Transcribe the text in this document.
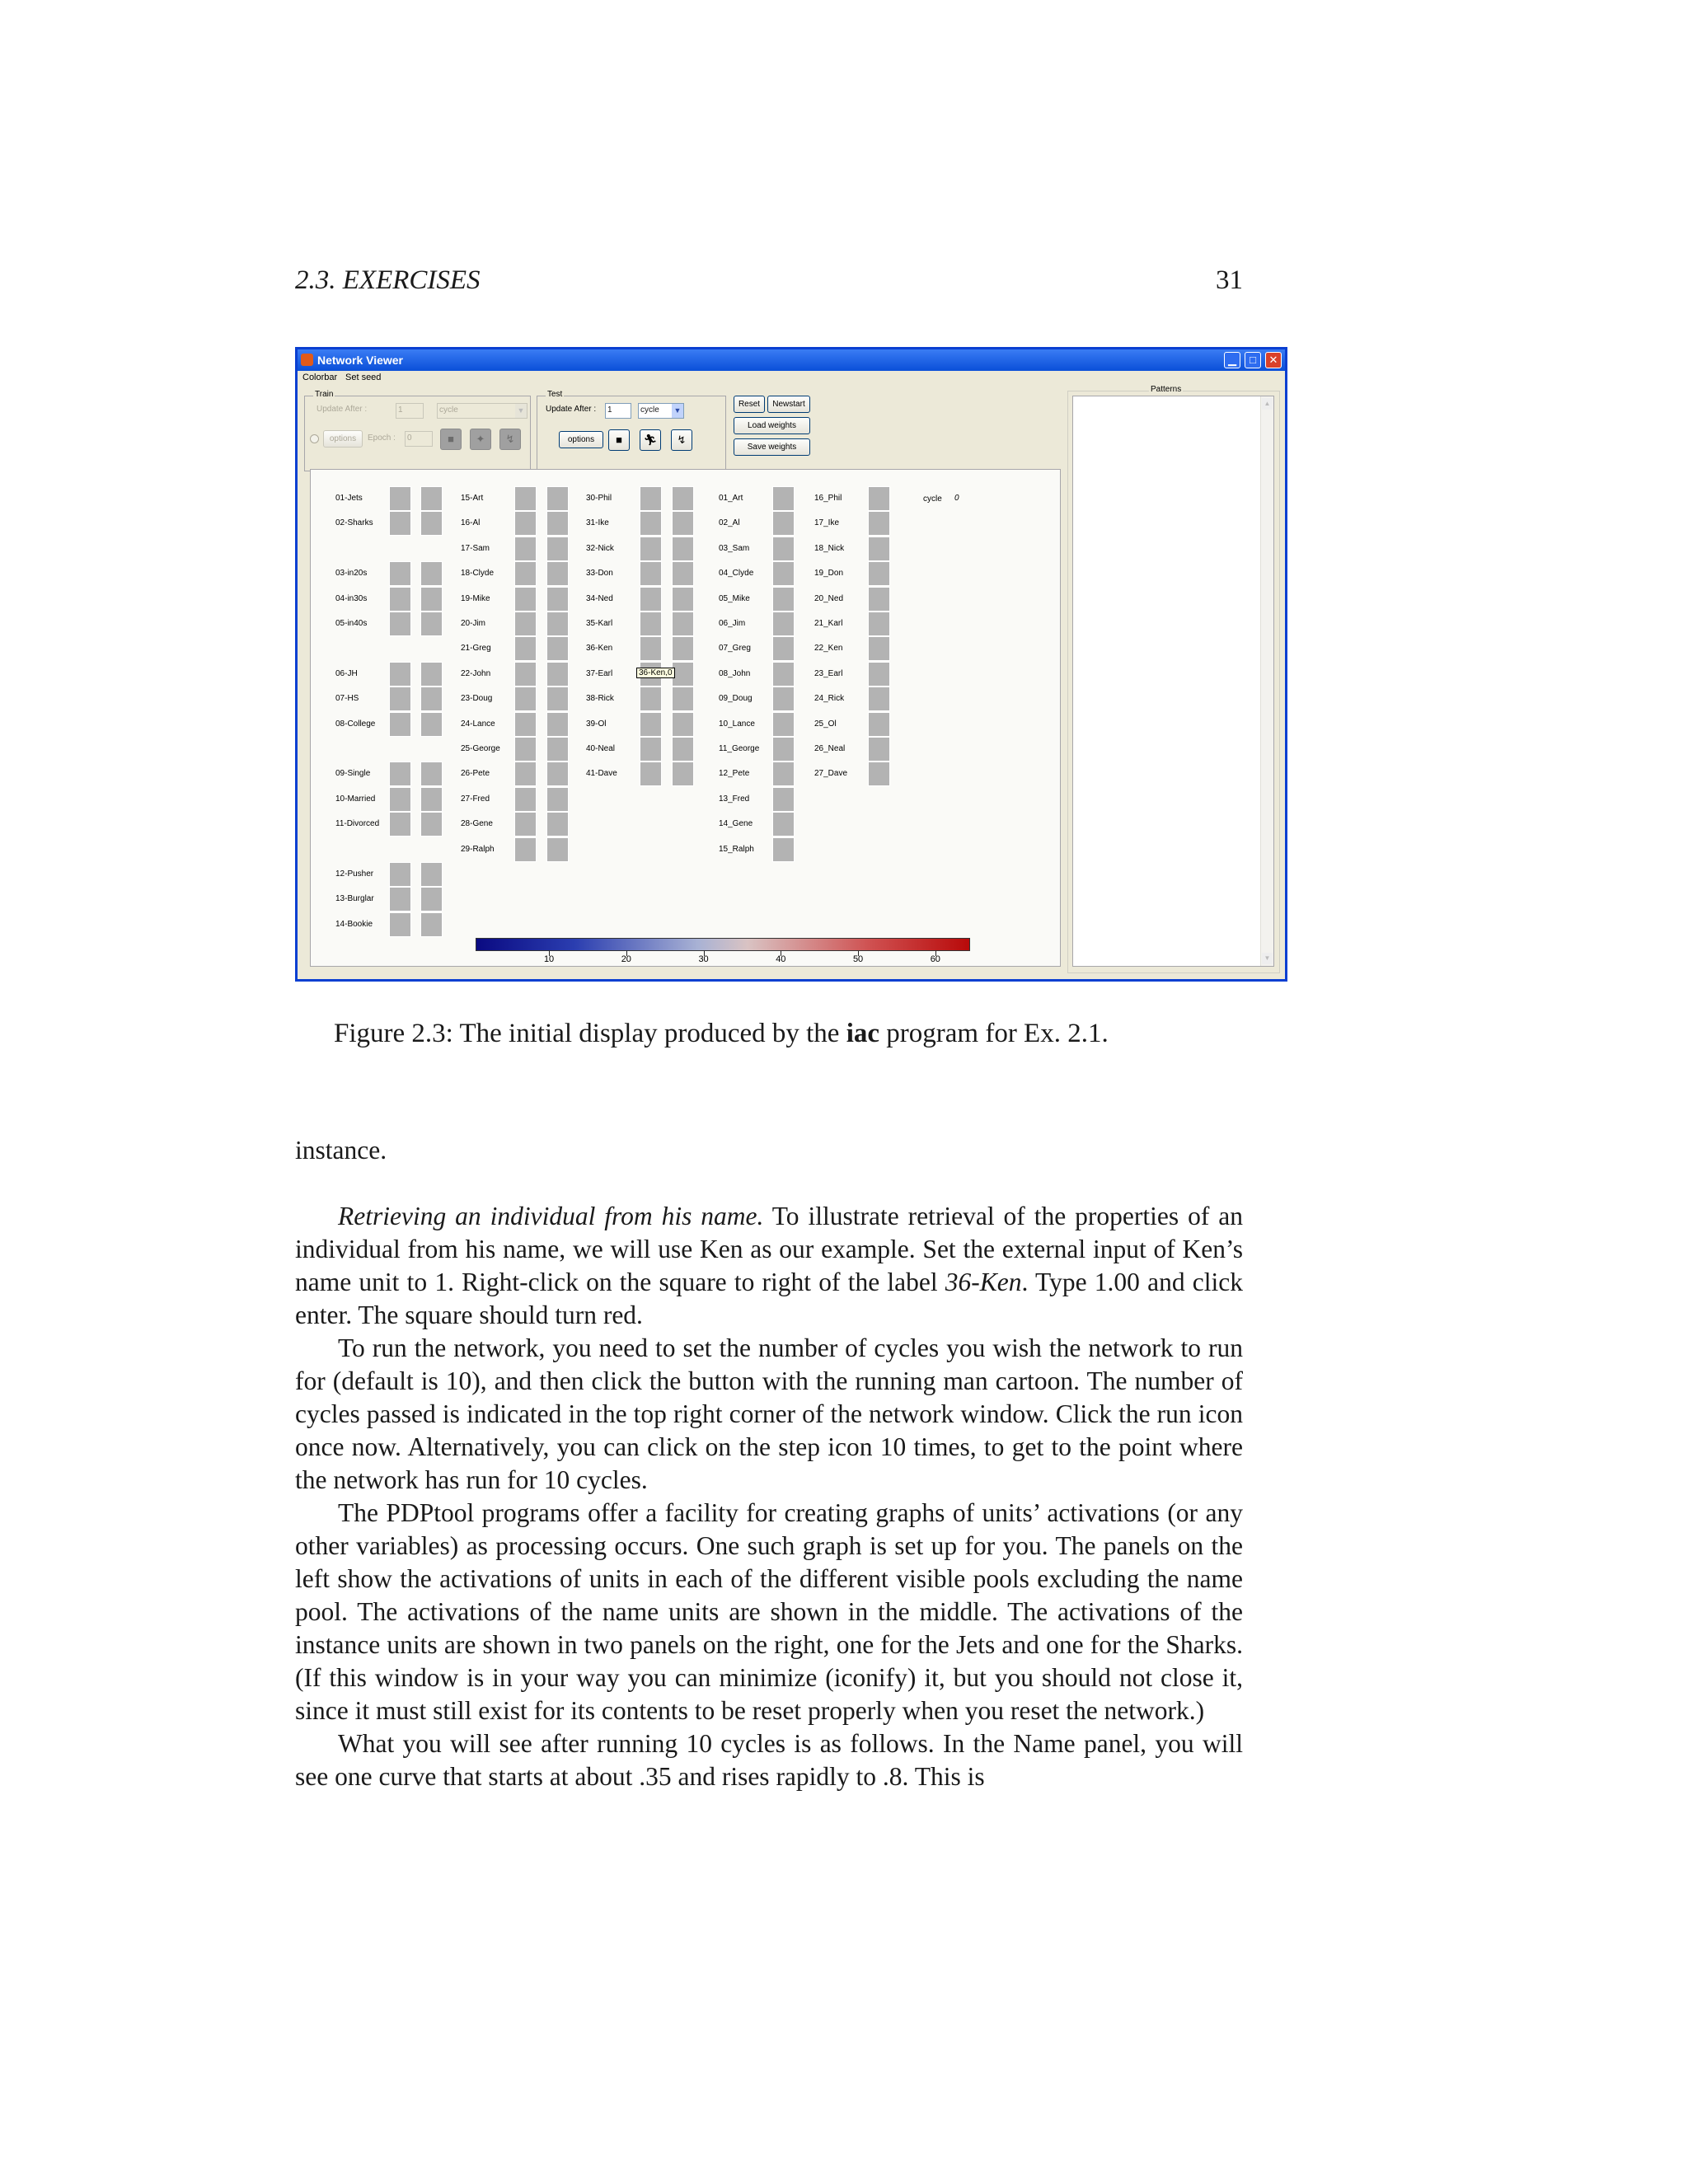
2.3. EXERCISES	31
Network Viewer	▁	□	✕
Colorbar Set seed
Train
Update After :	1	cycle	▼
options	Epoch :	0	■	✦	↯
Test
Update After :	1	cycle ▼
options	■	🏃︎	↯
Reset	Newstart
Load weights
Save weights
Patterns
▲
▼
01-Jets
02-Sharks
03-in20s
04-in30s
05-in40s
06-JH
07-HS
08-College
09-Single
10-Married
11-Divorced
12-Pusher
13-Burglar
14-Bookie
15-Art
16-Al
17-Sam
18-Clyde
19-Mike
20-Jim
21-Greg
22-John
23-Doug
24-Lance
25-George
26-Pete
27-Fred
28-Gene
29-Ralph
30-Phil
31-Ike
32-Nick
33-Don
34-Ned
35-Karl
36-Ken
37-Earl
38-Rick
39-Ol
40-Neal
41-Dave
01_Art
02_Al
03_Sam
04_Clyde
05_Mike
06_Jim
07_Greg
08_John
09_Doug
10_Lance
11_George
12_Pete
13_Fred
14_Gene
15_Ralph
16_Phil
17_Ike
18_Nick
19_Don
20_Ned
21_Karl
22_Ken
23_Earl
24_Rick
25_Ol
26_Neal
27_Dave
cycle 0
36-Ken,0
10	20	30	40	50	60
Figure 2.3: The initial display produced by the iac program for Ex. 2.1.

instance.

Retrieving an individual from his name. To illustrate retrieval of the properties of an individual from his name, we will use Ken as our example. Set the external input of Ken’s name unit to 1. Right-click on the square to right of the label 36-Ken. Type 1.00 and click enter. The square should turn red.

To run the network, you need to set the number of cycles you wish the network to run for (default is 10), and then click the button with the running man cartoon. The number of cycles passed is indicated in the top right corner of the network window. Click the run icon once now. Alternatively, you can click on the step icon 10 times, to get to the point where the network has run for 10 cycles.

The PDPtool programs offer a facility for creating graphs of units’ activations (or any other variables) as processing occurs. One such graph is set up for you. The panels on the left show the activations of units in each of the different visible pools excluding the name pool. The activations of the name units are shown in the middle. The activations of the instance units are shown in two panels on the right, one for the Jets and one for the Sharks. (If this window is in your way you can minimize (iconify) it, but you should not close it, since it must still exist for its contents to be reset properly when you reset the network.)

What you will see after running 10 cycles is as follows. In the Name panel, you will see one curve that starts at about .35 and rises rapidly to .8. This is
